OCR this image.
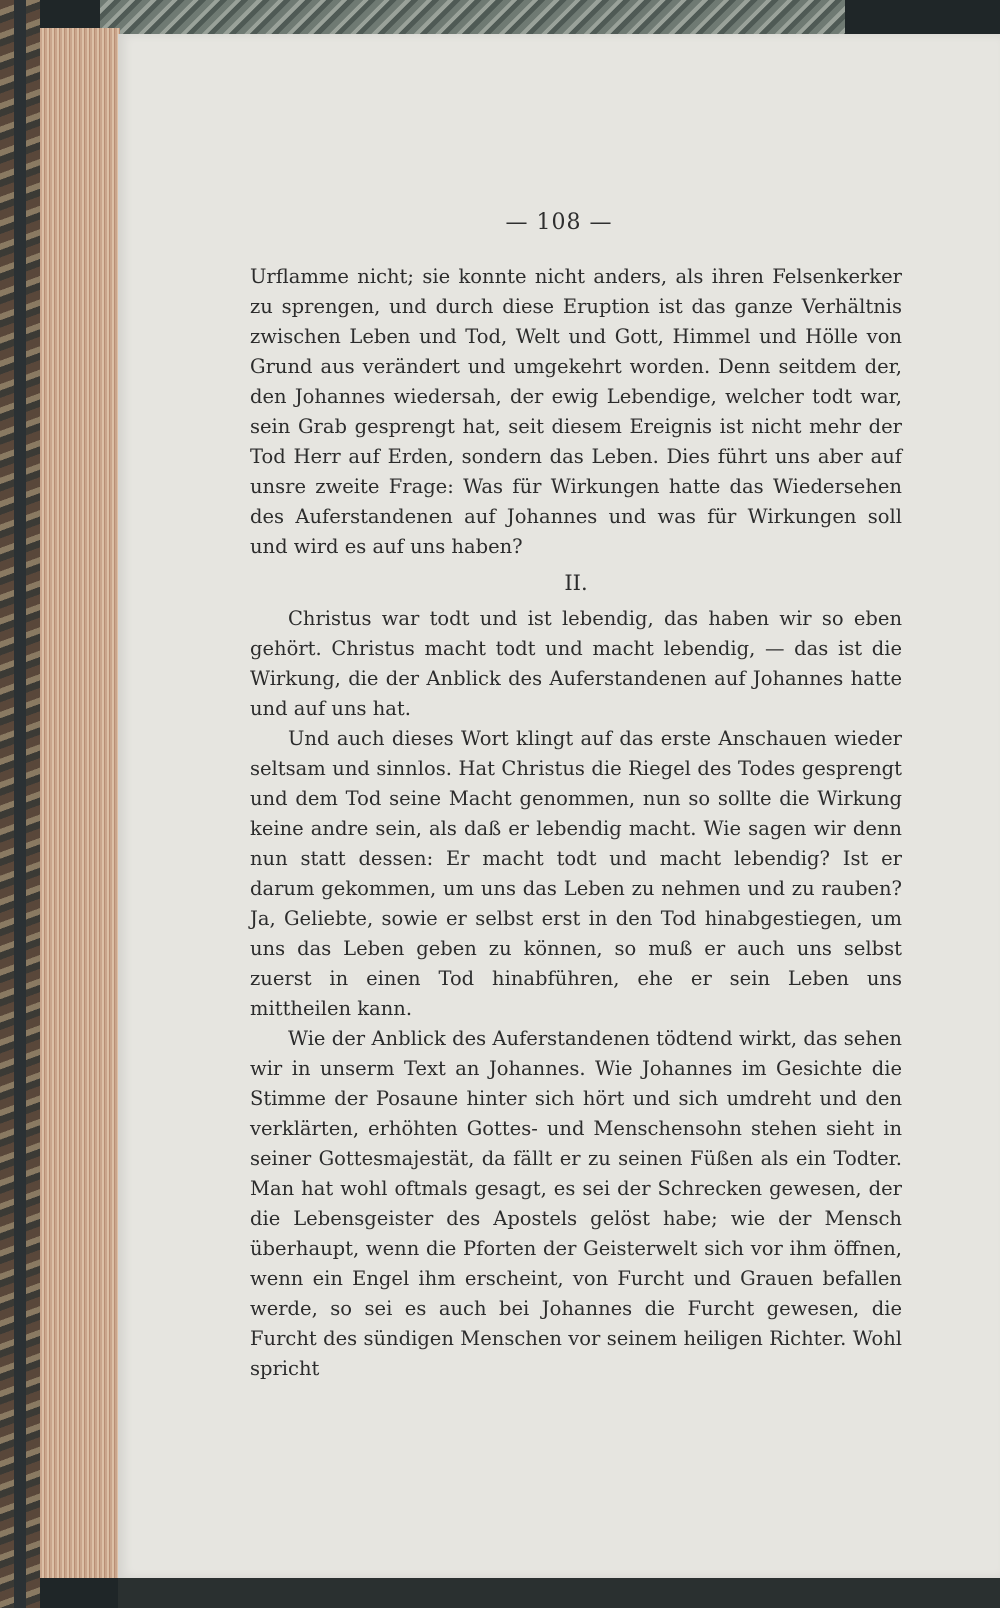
— 108 —

Urflamme nicht; sie konnte nicht anders, als ihren Felsenkerker zu sprengen, und durch diese Eruption ist das ganze Verhältnis zwischen Leben und Tod, Welt und Gott, Himmel und Hölle von Grund aus verändert und umgekehrt worden. Denn seitdem der, den Johannes wiedersah, der ewig Lebendige, welcher todt war, sein Grab gesprengt hat, seit diesem Ereignis ist nicht mehr der Tod Herr auf Erden, sondern das Leben. Dies führt uns aber auf unsre zweite Frage: Was für Wirkungen hatte das Wiedersehen des Auferstandenen auf Johannes und was für Wirkungen soll und wird es auf uns haben?

II.

Christus war todt und ist lebendig, das haben wir so eben gehört. Christus macht todt und macht lebendig, — das ist die Wirkung, die der Anblick des Auferstandenen auf Johannes hatte und auf uns hat.

Und auch dieses Wort klingt auf das erste Anschauen wieder seltsam und sinnlos. Hat Christus die Riegel des Todes gesprengt und dem Tod seine Macht genommen, nun so sollte die Wirkung keine andre sein, als daß er lebendig macht. Wie sagen wir denn nun statt dessen: Er macht todt und macht lebendig? Ist er darum gekommen, um uns das Leben zu nehmen und zu rauben? Ja, Geliebte, sowie er selbst erst in den Tod hinabgestiegen, um uns das Leben geben zu können, so muß er auch uns selbst zuerst in einen Tod hinabführen, ehe er sein Leben uns mittheilen kann.

Wie der Anblick des Auferstandenen tödtend wirkt, das sehen wir in unserm Text an Johannes. Wie Johannes im Gesichte die Stimme der Posaune hinter sich hört und sich umdreht und den verklärten, erhöhten Gottes- und Menschensohn stehen sieht in seiner Gottesmajestät, da fällt er zu seinen Füßen als ein Todter. Man hat wohl oftmals gesagt, es sei der Schrecken gewesen, der die Lebensgeister des Apostels gelöst habe; wie der Mensch überhaupt, wenn die Pforten der Geisterwelt sich vor ihm öffnen, wenn ein Engel ihm erscheint, von Furcht und Grauen befallen werde, so sei es auch bei Johannes die Furcht gewesen, die Furcht des sündigen Menschen vor seinem heiligen Richter. Wohl spricht
